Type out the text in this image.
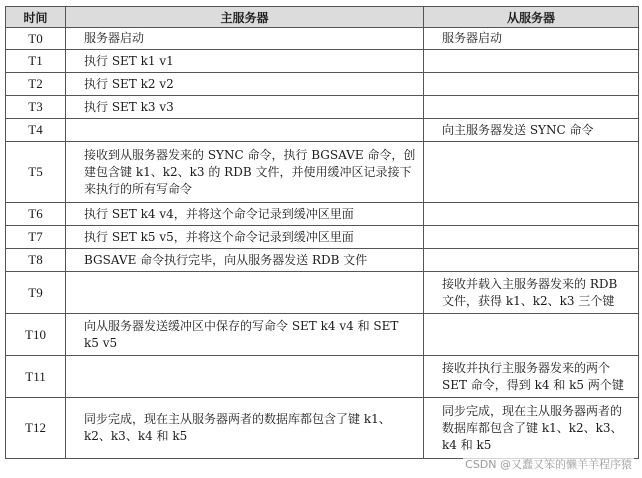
时间	主服务器	从服务器
T0	服务器启动	服务器启动
T1	执行 SET k1 v1	
T2	执行 SET k2 v2	
T3	执行 SET k3 v3	
T4		向主服务器发送 SYNC 命令
T5	接收到从服务器发来的 SYNC 命令，执行 BGSAVE 命令，创建包含键 k1、k2、k3 的 RDB 文件，并使用缓冲区记录接下来执行的所有写命令	
T6	执行 SET k4 v4，并将这个命令记录到缓冲区里面	
T7	执行 SET k5 v5，并将这个命令记录到缓冲区里面	
T8	BGSAVE 命令执行完毕，向从服务器发送 RDB 文件	
T9		接收并载入主服务器发来的 RDB 文件，获得 k1、k2、k3 三个键
T10	向从服务器发送缓冲区中保存的写命令 SET k4 v4 和 SET k5 v5	
T11		接收并执行主服务器发来的两个 SET 命令，得到 k4 和 k5 两个键
T12	同步完成，现在主从服务器两者的数据库都包含了键 k1、k2、k3、k4 和 k5	同步完成，现在主从服务器两者的数据库都包含了键 k1、k2、k3、k4 和 k5
CSDN @又蠢又笨的懒羊羊程序猿
